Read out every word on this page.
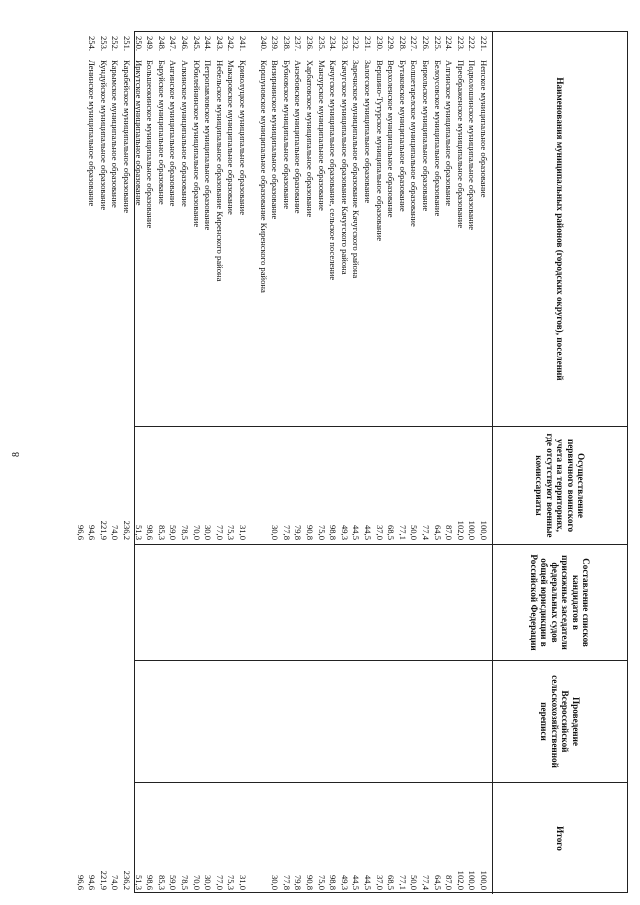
8
Наименования муниципальных районов (городских округов), поселений
221.
Непское муниципальное образование
222.
Подволошинское муниципальное образование
223.
Преображенское муниципальное образование
224.
Алгинское муниципальное образование
225.
Белоусовское муниципальное образование
226.
Бирюльское муниципальное образование
227.
Болшетарелское муниципальное образование
228.
Бутаковское муниципальное образование
229.
Верхоленское муниципальное образование
230.
Вершино-Тутурское муниципальное образование
231.
Залогское муниципальное образование
232.
Заречнское муниципальное образование Качугского района
233.
Качугское муниципальное образование Качугского района
234.
Качугское муниципальное образование, сельское поселение
235.
Манзурское муниципальное образование
236.
Харбатовское муниципальное образование
237.
Анзебовское муниципальное образование
238.
Бубновское муниципальное образование
239.
Визирнинское муниципальное образование
240.
Коршуновское муниципальное образование Киренского района
241.
Криволуцкое муниципальное образование
242.
Макаровское муниципальное образование
243.
Небельское муниципальное образование Киренского района
244.
Петропавловское муниципальное образование
245.
Юбилейнинское муниципальное образование
246.
Алкинское муниципальное образование
247.
Ангинское муниципальное образование
248.
Баруйское муниципальное образование
249.
Большеокинское муниципальное образование
250.
Иркутское муниципальное образование
251.
Карабейское муниципальное образование
252.
Карымское муниципальное образование
253.
Кундуйское муниципальное образование
254.
Ленинское муниципальное образование
Осуществление первичного воинского учета на территориях, где отсутствуют военные комиссариаты
100,0
100,0
102,0
87,0
64,5
77,4
50,0
77,1
68,5
37,0
44,5
44,5
49,3
98,8
75,0
90,8
79,8
77,8
30,0
31,0
75,3
77,0
30,0
70,0
78,5
59,0
85,3
98,6
51,3
236,2
74,0
221,9
94,6
96,6
Составление списков кандидатов в присяжные заседатели федеральных судов общей юрисдикции в Российской Федерации
Проведение Всероссийской сельскохозяйственной переписи
Итого
100,0
100,0
102,0
87,0
64,5
77,4
50,0
77,1
68,5
37,0
44,5
44,5
49,3
98,8
75,0
90,8
79,8
77,8
30,0
31,0
75,3
77,0
30,0
70,0
78,5
59,0
85,3
98,6
51,3
236,2
74,0
221,9
94,6
96,6
